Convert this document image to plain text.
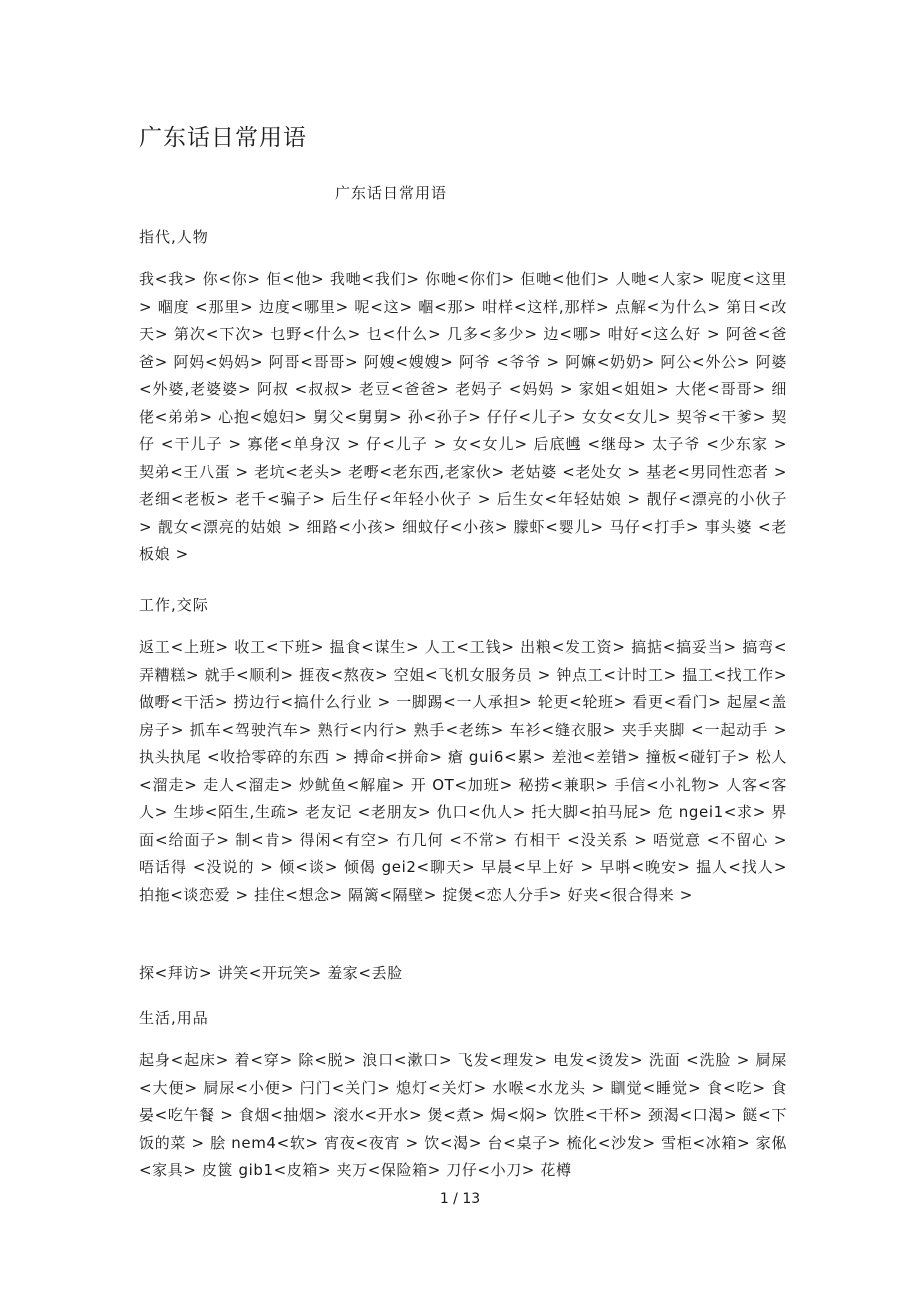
广东话日常用语

广东话日常用语

指代,人物

我<我> 你<你> 佢<他> 我哋<我们> 你哋<你们> 佢哋<他们> 人哋<人家> 呢度<这里> 嗰度 <那里> 边度<哪里> 呢<这> 嗰<那> 咁样<这样,那样> 点解<为什么> 第日<改天> 第次<下次> 乜野<什么> 乜<什么> 几多<多少> 边<哪> 咁好<这么好 > 阿爸<爸爸> 阿妈<妈妈> 阿哥<哥哥> 阿嫂<嫂嫂> 阿爷 <爷爷 > 阿嫲<奶奶> 阿公<外公> 阿婆<外婆,老婆婆> 阿叔 <叔叔> 老豆<爸爸> 老妈子 <妈妈 > 家姐<姐姐> 大佬<哥哥> 细佬<弟弟> 心抱<媳妇> 舅父<舅舅> 孙<孙子> 仔仔<儿子> 女女<女儿> 契爷<干爹> 契仔 <干儿子 > 寡佬<单身汉 > 仔<儿子 > 女<女儿> 后底乸 <继母> 太子爷 <少东家 > 契弟<王八蛋 > 老坑<老头> 老嘢<老东西,老家伙> 老姑婆 <老处女 > 基老<男同性恋者 > 老细<老板> 老千<骗子> 后生仔<年轻小伙子 > 后生女<年轻姑娘 > 靓仔<漂亮的小伙子 > 靓女<漂亮的姑娘 > 细路<小孩> 细蚊仔<小孩> 朦虾<婴儿> 马仔<打手> 事头婆 <老板娘 >

工作,交际

返工<上班> 收工<下班> 揾食<谋生> 人工<工钱> 出粮<发工资> 搞掂<搞妥当> 搞弯<弄糟糕> 就手<顺利> 捱夜<熬夜> 空姐<飞机女服务员 > 钟点工<计时工> 揾工<找工作> 做嘢<干活> 捞边行<搞什么行业 > 一脚踢<一人承担> 轮更<轮班> 看更<看门> 起屋<盖房子> 抓车<驾驶汽车> 熟行<内行> 熟手<老练> 车衫<缝衣服> 夹手夹脚 <一起动手 > 执头执尾 <收拾零碎的东西 > 搏命<拼命> 瘡 gui6<累> 差池<差错> 撞板<碰钉子> 松人<溜走> 走人<溜走> 炒鱿鱼<解雇> 开 OT<加班> 秘捞<兼职> 手信<小礼物> 人客<客人> 生埗<陌生,生疏> 老友记 <老朋友> 仇口<仇人> 托大脚<拍马屁> 危 ngei1<求> 界面<给面子> 制<肯> 得闲<有空> 冇几何 <不常> 冇相干 <没关系 > 唔觉意 <不留心 > 唔话得 <没说的 > 倾<谈> 倾偈 gei2<聊天> 早晨<早上好 > 早唞<晚安> 揾人<找人> 拍拖<谈恋爱 > 挂住<想念> 隔篱<隔壁> 掟煲<恋人分手> 好夹<很合得来 >

探<拜访> 讲笑<开玩笑> 羞家<丢脸

生活,用品

起身<起床> 着<穿> 除<脱> 浪口<漱口> 飞发<理发> 电发<烫发> 洗面 <洗脸 > 屙屎<大便> 屙尿<小便> 闩门<关门> 熄灯<关灯> 水喉<水龙头 > 瞓觉<睡觉> 食<吃> 食晏<吃午餐 > 食烟<抽烟> 滚水<开水> 煲<煮> 焗<焖> 饮胜<干杯> 颈渴<口渴> 餸<下饭的菜 > 脍 nem4<软> 宵夜<夜宵 > 饮<渴> 台<桌子> 梳化<沙发> 雪柜<冰箱> 家俬<家具> 皮篋 gib1<皮箱> 夹万<保险箱> 刀仔<小刀> 花樽

1 / 13
